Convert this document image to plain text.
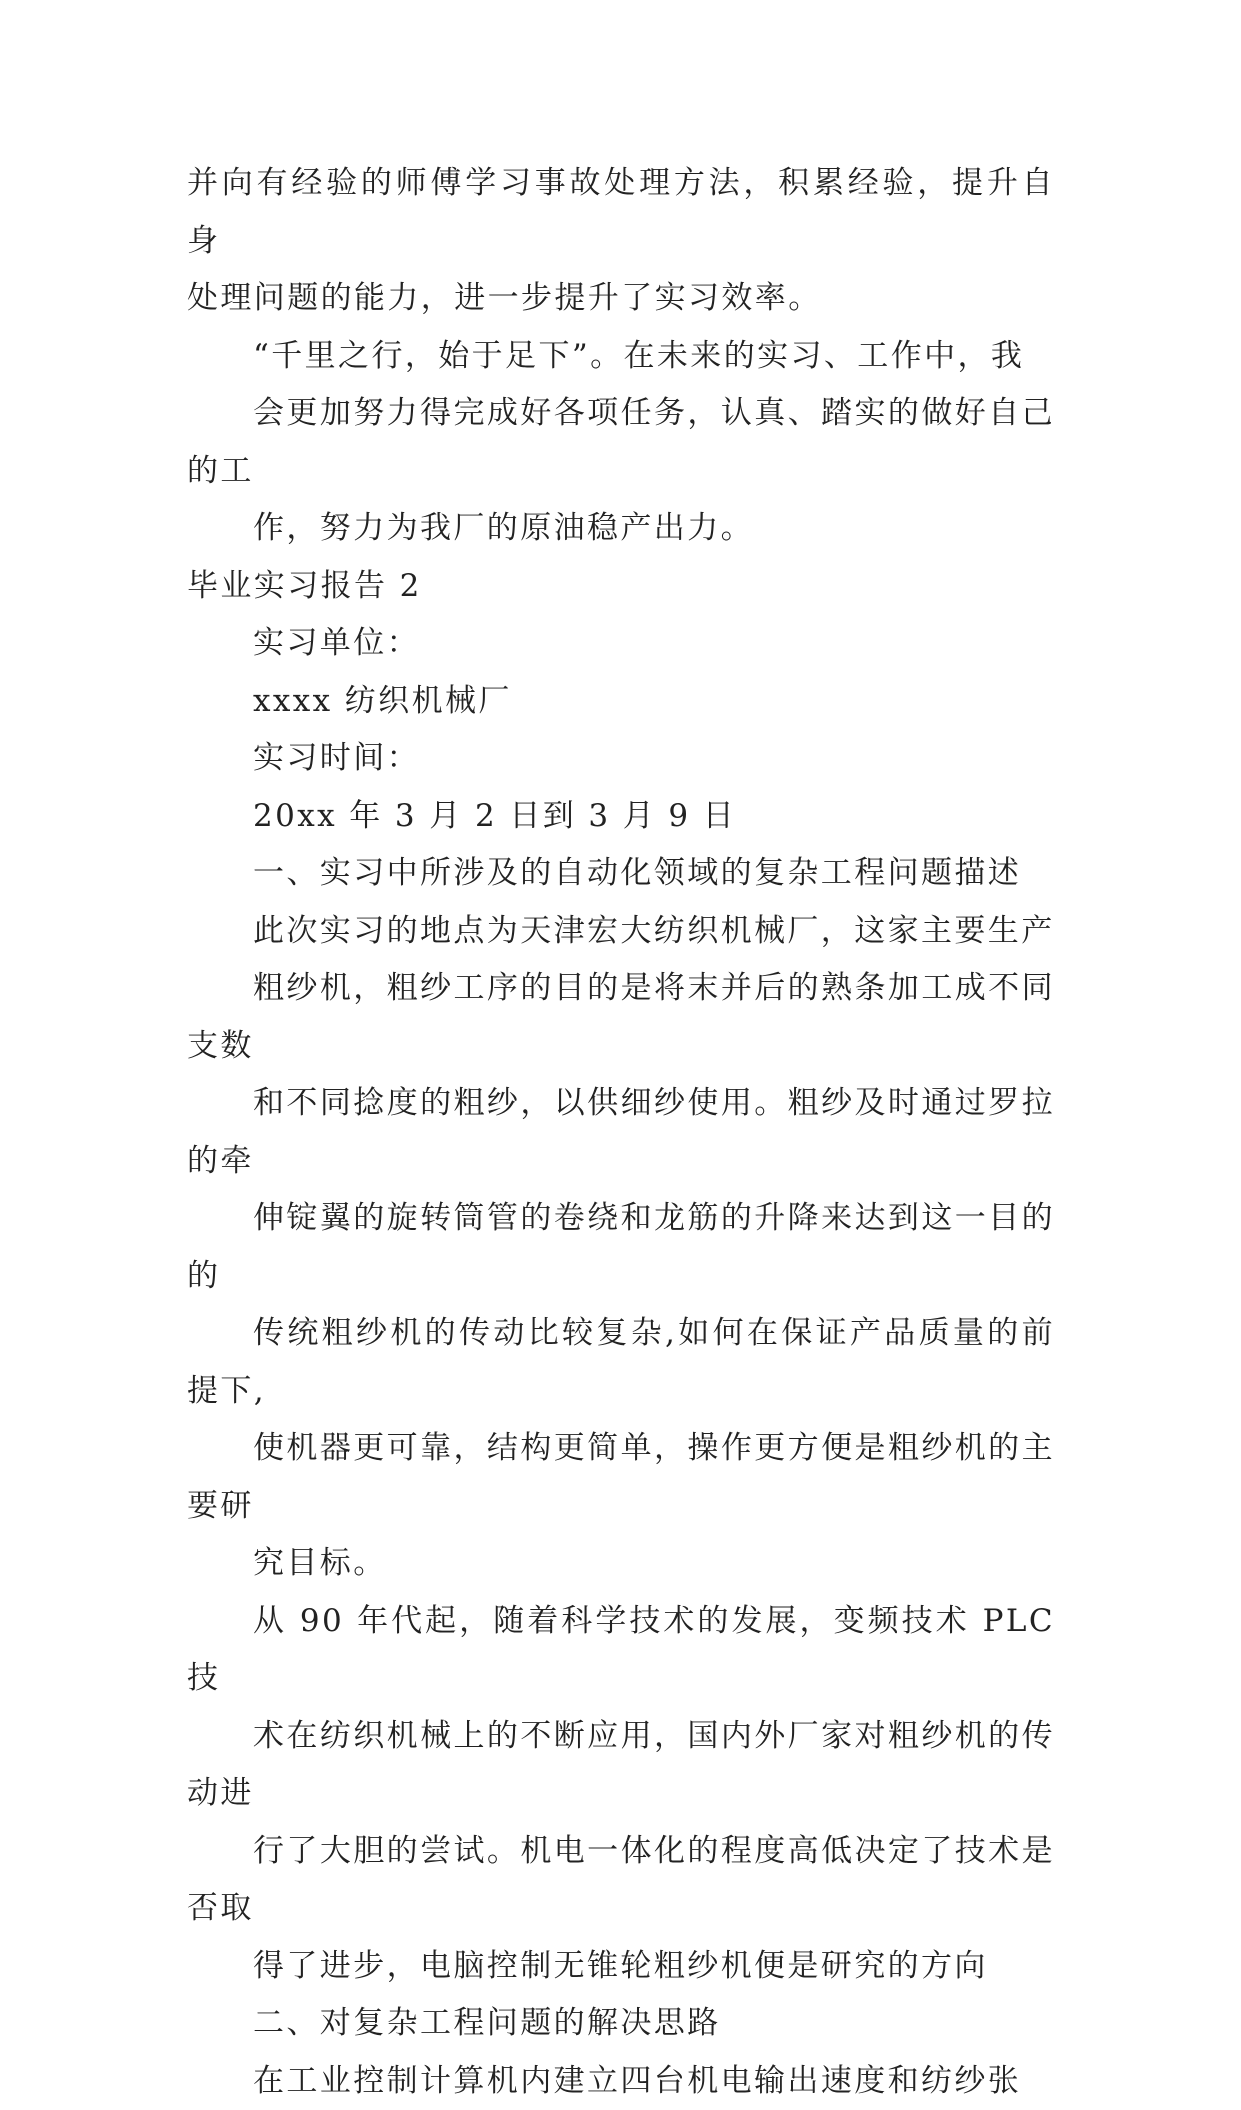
并向有经验的师傅学习事故处理方法，积累经验，提升自身
处理问题的能力，进一步提升了实习效率。

“千里之行，始于足下”。在未来的实习、工作中，我
会更加努力得完成好各项任务，认真、踏实的做好自己的工
作，努力为我厂的原油稳产出力。

毕业实习报告 2

实习单位：

xxxx 纺织机械厂

实习时间：

20xx 年 3 月 2 日到 3 月 9 日

一、实习中所涉及的自动化领域的复杂工程问题描述

此次实习的地点为天津宏大纺织机械厂，这家主要生产
粗纱机，粗纱工序的目的是将末并后的熟条加工成不同支数
和不同捻度的粗纱，以供细纱使用。粗纱及时通过罗拉的牵
伸锭翼的旋转筒管的卷绕和龙筋的升降来达到这一目的的
传统粗纱机的传动比较复杂,如何在保证产品质量的前提下,
使机器更可靠，结构更简单，操作更方便是粗纱机的主要研
究目标。

从 90 年代起，随着科学技术的发展，变频技术 PLC 技
术在纺织机械上的不断应用，国内外厂家对粗纱机的传动进
行了大胆的尝试。机电一体化的程度高低决定了技术是否取
得了进步，电脑控制无锥轮粗纱机便是研究的方向

二、对复杂工程问题的解决思路

在工业控制计算机内建立四台机电输出速度和纺纱张
